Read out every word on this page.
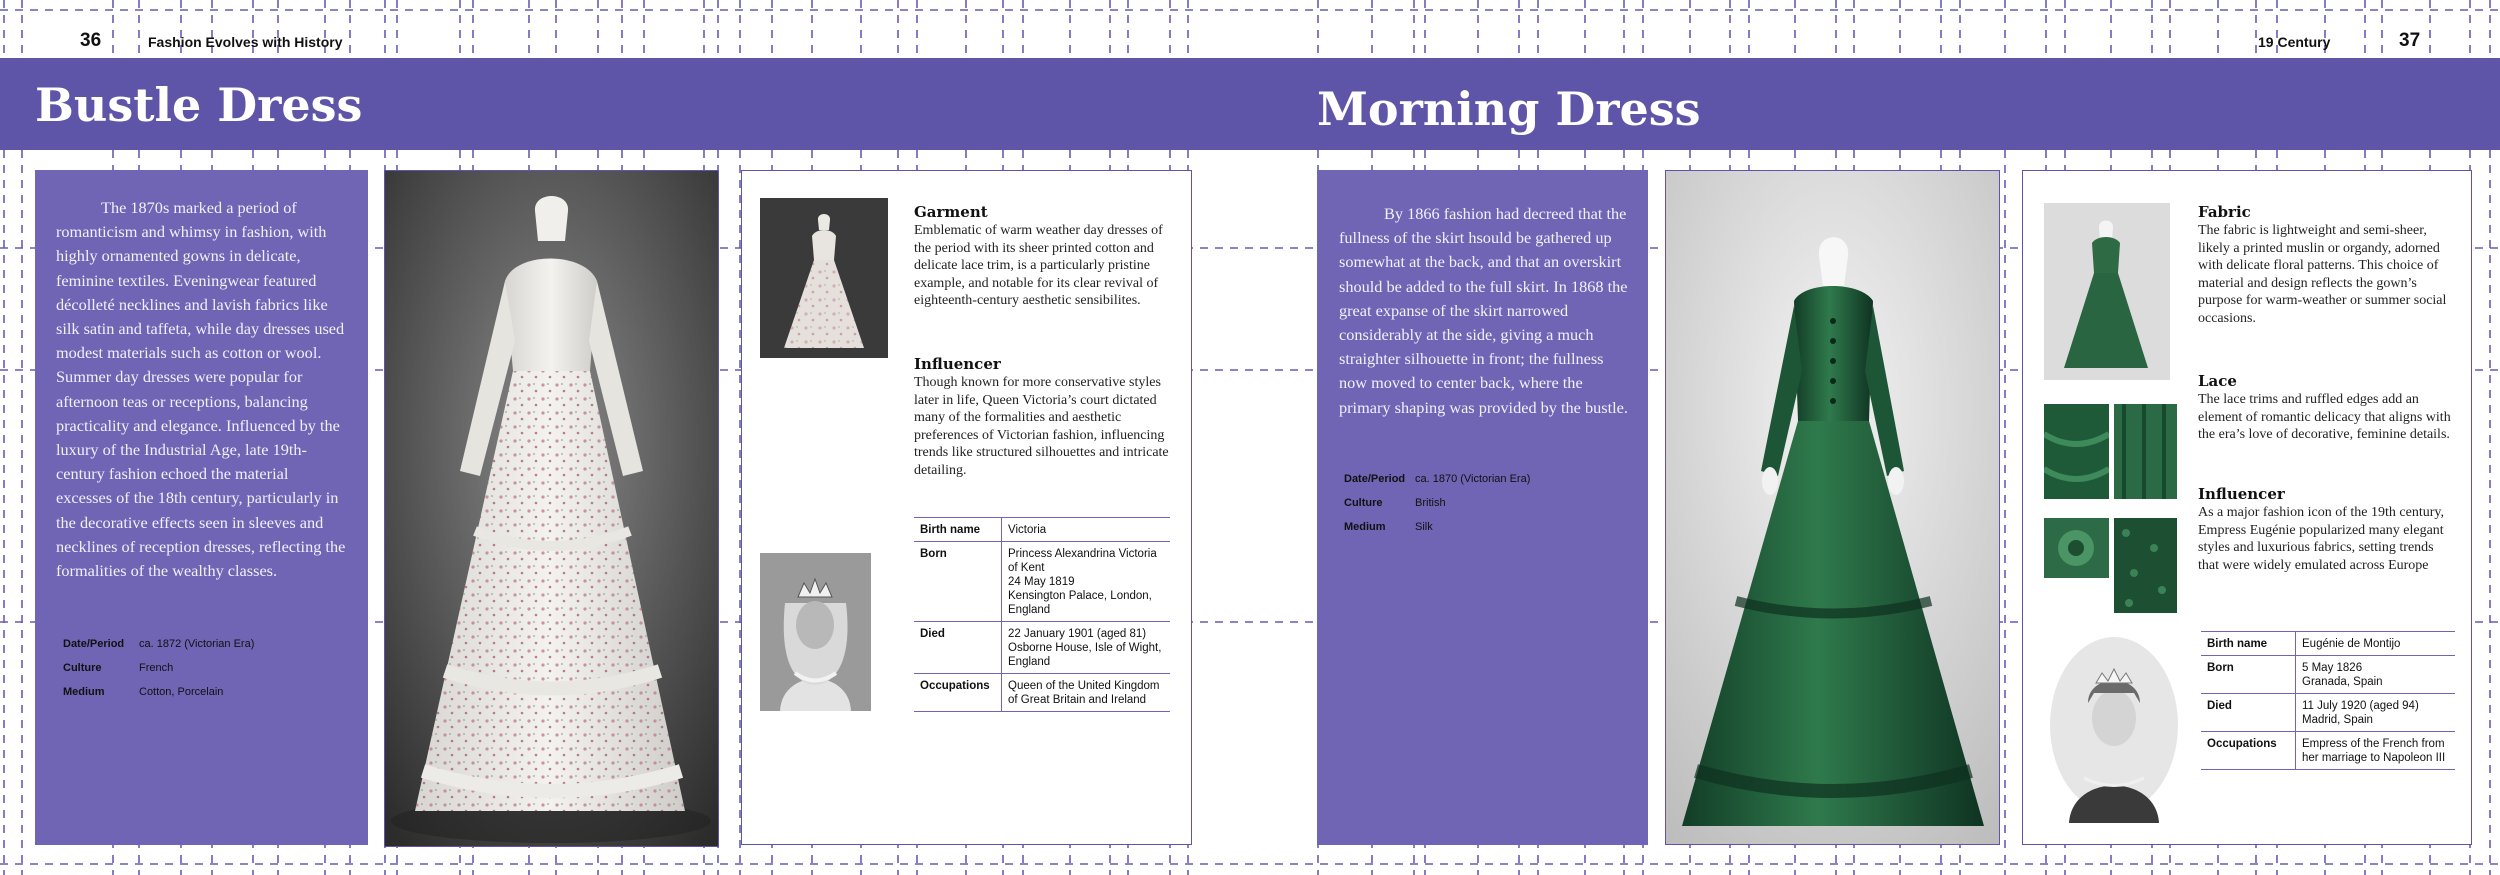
36	Fashion Evolves with History	19 Century	37
Bustle Dress	Morning Dress

The 1870s marked a period of romanticism and whimsy in fashion, with highly ornamented gowns in delicate, feminine textiles. Eveningwear featured décolleté necklines and lavish fabrics like silk satin and taffeta, while day dresses used modest materials such as cotton or wool. Summer day dresses were popular for afternoon teas or receptions, balancing practicality and elegance. Influenced by the luxury of the Industrial Age, late 19th-century fashion echoed the material excesses of the 18th century, particularly in the decorative effects seen in sleeves and necklines of reception dresses, reflecting the formalities of the wealthy classes.

Date/Period	ca. 1872 (Victorian Era)
Culture	French
Medium	Cotton, Porcelain
Garment

Emblematic of warm weather day dresses of the period with its sheer printed cotton and delicate lace trim, is a particularly pristine example, and notable for its clear revival of eighteenth-century aesthetic sensibilites.

Influencer

Though known for more conservative styles later in life, Queen Victoria’s court dictated many of the formalities and aesthetic preferences of Victorian fashion, influencing trends like structured silhouettes and intricate detailing.

Birth name	Victoria
Born	Princess Alexandrina Victoria of Kent
24 May 1819
Kensington Palace, London, England
Died	22 January 1901 (aged 81)
Osborne House, Isle of Wight, England
Occupations	Queen of the United Kingdom of Great Britain and Ireland

By 1866 fashion had decreed that the fullness of the skirt hsould be gathered up somewhat at the back, and that an overskirt should be added to the full skirt. In 1868 the great expanse of the skirt narrowed considerably at the side, giving a much straighter silhouette in front; the fullness now moved to center back, where the primary shaping was provided by the bustle.

Date/Period ca. 1870 (Victorian Era)
Culture	British
Medium	Silk
Fabric

The fabric is lightweight and semi-sheer, likely a printed muslin or organdy, adorned with delicate floral patterns. This choice of material and design reflects the gown’s purpose for warm-weather or summer social occasions.

Lace

The lace trims and ruffled edges add an element of romantic delicacy that aligns with the era’s love of decorative, feminine details.

Influencer

As a major fashion icon of the 19th century, Empress Eugénie popularized many elegant styles and luxurious fabrics, setting trends that were widely emulated across Europe

Birth name	Eugénie de Montijo
Born	5 May 1826
Granada, Spain
Died	11 July 1920 (aged 94)
Madrid, Spain
Occupations	Empress of the French from her marriage to Napoleon III
